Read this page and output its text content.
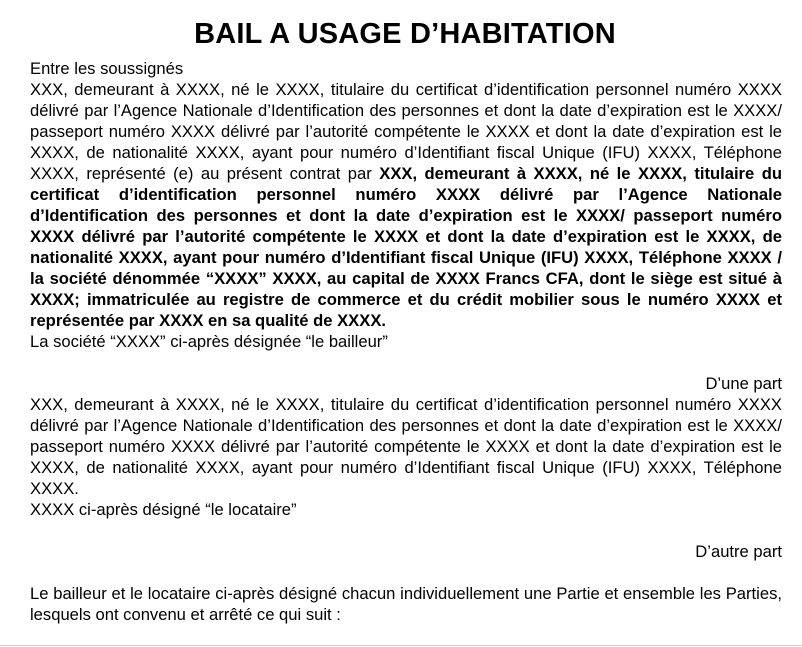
BAIL A USAGE D’HABITATION

Entre les soussignés

XXX, demeurant à XXXX, né le XXXX, titulaire du certificat d’identification personnel numéro XXXX délivré par l’Agence Nationale d’Identification des personnes et dont la date d’expiration est le XXXX/ passeport numéro XXXX délivré par l’autorité compétente le XXXX et dont la date d’expiration est le XXXX, de nationalité XXXX, ayant pour numéro d’Identifiant fiscal Unique (IFU) XXXX, Téléphone XXXX, représenté (e) au présent contrat par XXX, demeurant à XXXX, né le XXXX, titulaire du certificat d’identification personnel numéro XXXX délivré par l’Agence Nationale d’Identification des personnes et dont la date d’expiration est le XXXX/ passeport numéro XXXX délivré par l’autorité compétente le XXXX et dont la date d’expiration est le XXXX, de nationalité XXXX, ayant pour numéro d’Identifiant fiscal Unique (IFU) XXXX, Téléphone XXXX / la société dénommée “XXXX” XXXX, au capital de XXXX Francs CFA, dont le siège est situé à XXXX; immatriculée au registre de commerce et du crédit mobilier sous le numéro XXXX et représentée par XXXX en sa qualité de XXXX.

La société “XXXX” ci-après désignée “le bailleur”

D’une part

XXX, demeurant à XXXX, né le XXXX, titulaire du certificat d’identification personnel numéro XXXX délivré par l’Agence Nationale d’Identification des personnes et dont la date d’expiration est le XXXX/ passeport numéro XXXX délivré par l’autorité compétente le XXXX et dont la date d’expiration est le XXXX, de nationalité XXXX, ayant pour numéro d’Identifiant fiscal Unique (IFU) XXXX, Téléphone XXXX.

XXXX ci-après désigné “le locataire”

D’autre part

Le bailleur et le locataire ci-après désigné chacun individuellement une Partie et ensemble les Parties, lesquels ont convenu et arrêté ce qui suit :
